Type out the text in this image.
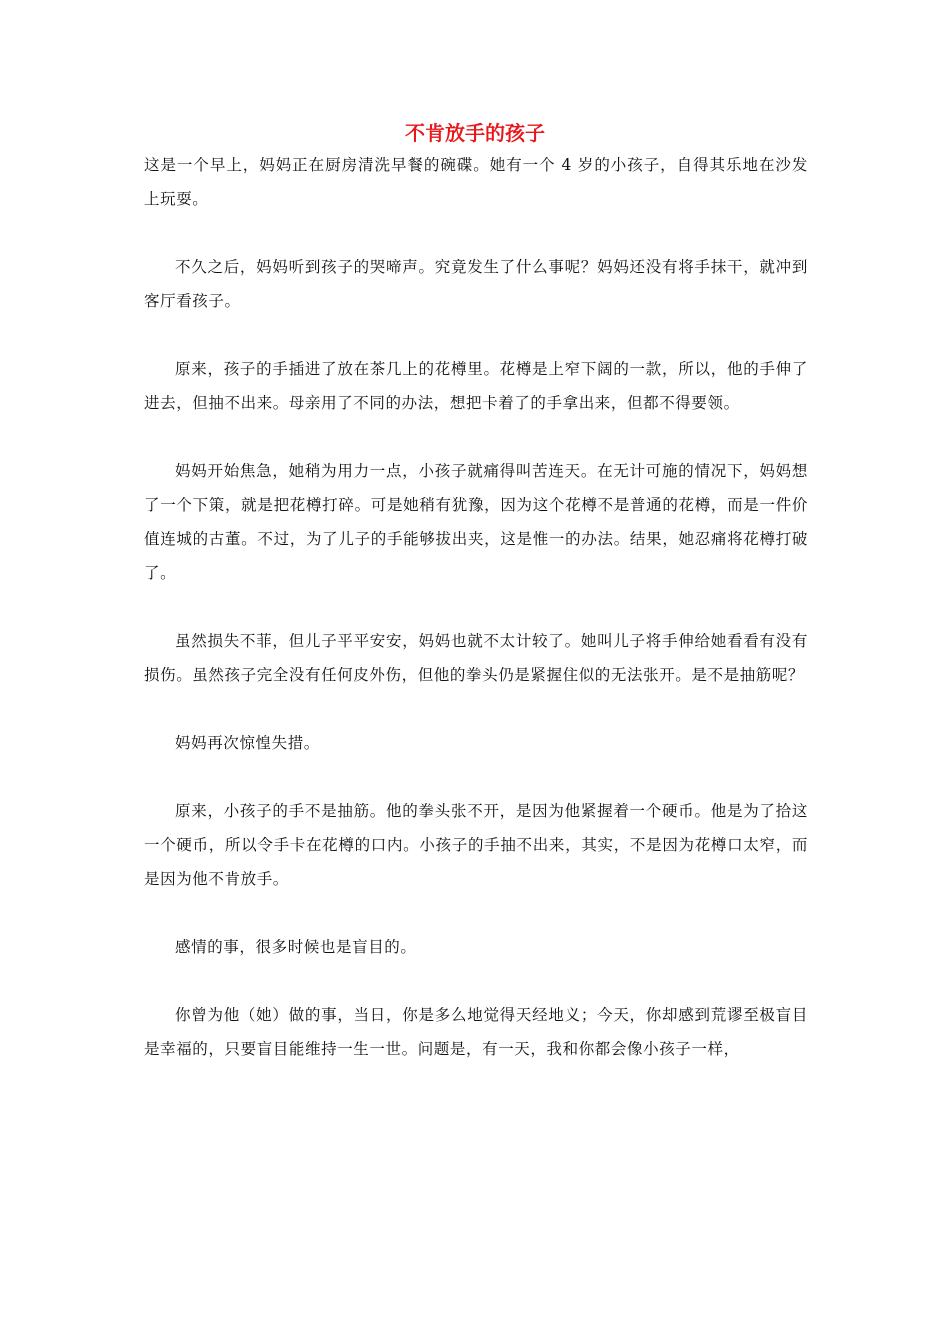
不肯放手的孩子

这是一个早上，妈妈正在厨房清洗早餐的碗碟。她有一个 4 岁的小孩子，自得其乐地在沙发上玩耍。

不久之后，妈妈听到孩子的哭啼声。究竟发生了什么事呢？妈妈还没有将手抹干，就冲到客厅看孩子。

原来，孩子的手插进了放在茶几上的花樽里。花樽是上窄下阔的一款，所以，他的手伸了进去，但抽不出来。母亲用了不同的办法，想把卡着了的手拿出来，但都不得要领。

妈妈开始焦急，她稍为用力一点，小孩子就痛得叫苦连天。在无计可施的情况下，妈妈想了一个下策，就是把花樽打碎。可是她稍有犹豫，因为这个花樽不是普通的花樽，而是一件价值连城的古董。不过，为了儿子的手能够拔出夹，这是惟一的办法。结果，她忍痛将花樽打破了。

虽然损失不菲，但儿子平平安安，妈妈也就不太计较了。她叫儿子将手伸给她看看有没有损伤。虽然孩子完全没有任何皮外伤，但他的拳头仍是紧握住似的无法张开。是不是抽筋呢？

妈妈再次惊惶失措。

原来，小孩子的手不是抽筋。他的拳头张不开，是因为他紧握着一个硬币。他是为了拾这一个硬币，所以令手卡在花樽的口内。小孩子的手抽不出来，其实，不是因为花樽口太窄，而是因为他不肯放手。

感情的事，很多时候也是盲目的。

你曾为他（她）做的事，当日，你是多么地觉得天经地义；今天，你却感到荒谬至极盲目是幸福的，只要盲目能维持一生一世。问题是，有一天，我和你都会像小孩子一样，
